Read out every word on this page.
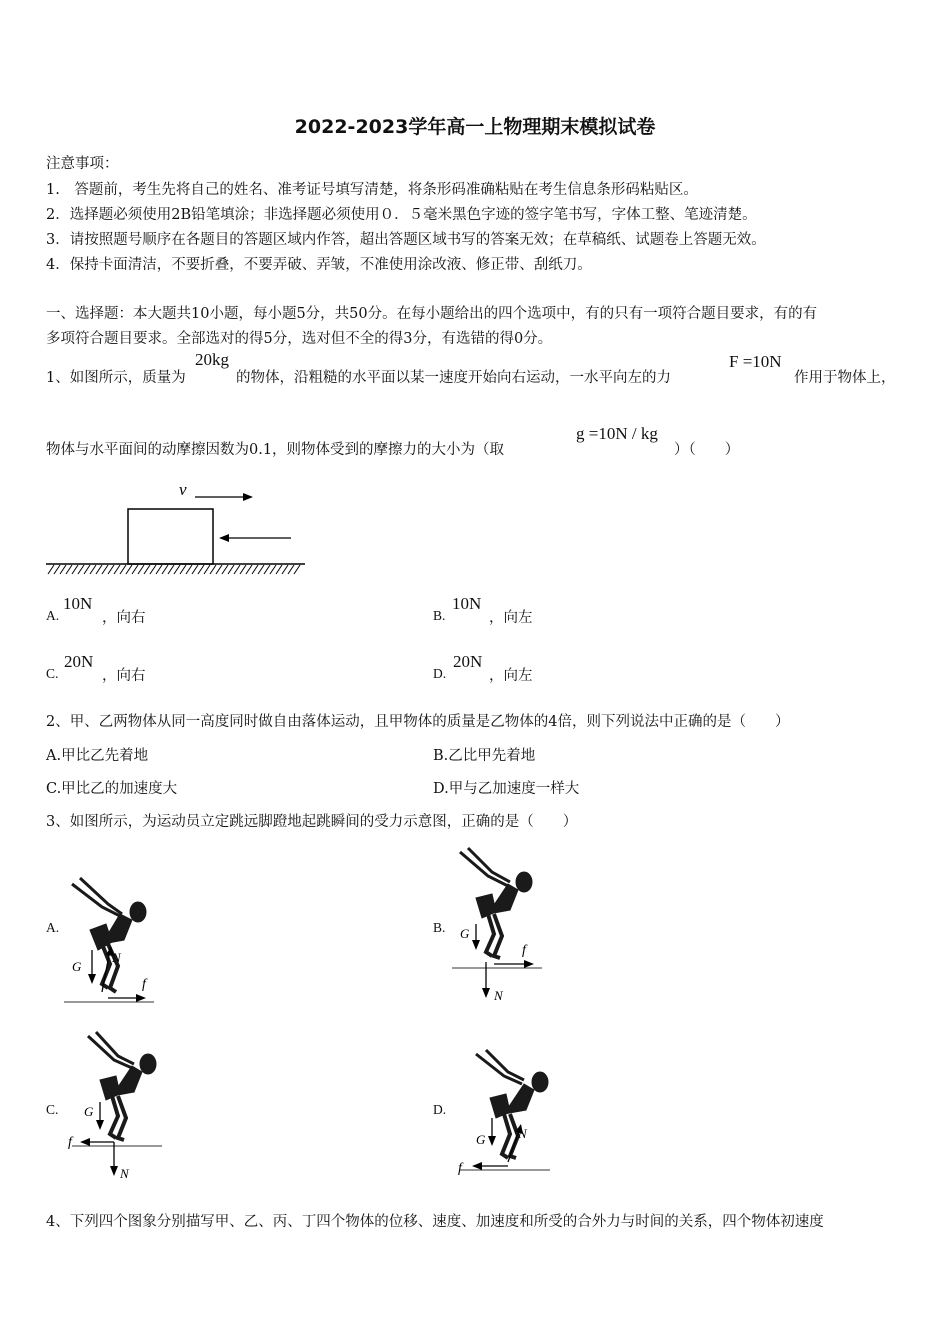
2022-2023学年高一上物理期末模拟试卷
注意事项：
1.　答题前，考生先将自己的姓名、准考证号填写清楚，将条形码准确粘贴在考生信息条形码粘贴区。
2．选择题必须使用2B铅笔填涂；非选择题必须使用０．５毫米黑色字迹的签字笔书写，字体工整、笔迹清楚。
3．请按照题号顺序在各题目的答题区域内作答，超出答题区域书写的答案无效；在草稿纸、试题卷上答题无效。
4．保持卡面清洁，不要折叠，不要弄破、弄皱，不准使用涂改液、修正带、刮纸刀。
一、选择题：本大题共10小题，每小题5分，共50分。在每小题给出的四个选项中，有的只有一项符合题目要求，有的有
多项符合题目要求。全部选对的得5分，选对但不全的得3分，有选错的得0分。
1、如图所示，质量为
20kg
的物体，沿粗糙的水平面以某一速度开始向右运动，一水平向左的力
F =10N
作用于物体上，
物体与水平面间的动摩擦因数为0.1，则物体受到的摩擦力的大小为（取
g =10N / kg
）（　　）
v
A.
10N
，向右	B.
10N
，向左
C.
20N
，向右	D.
20N
，向左
2、甲、乙两物体从同一高度同时做自由落体运动，且甲物体的质量是乙物体的4倍，则下列说法中正确的是（　　）
A.甲比乙先着地	B.乙比甲先着地
C.甲比乙的加速度大	D.甲与乙加速度一样大
3、如图所示，为运动员立定跳远脚蹬地起跳瞬间的受力示意图，正确的是（　　）
A.
G
N
f
B. G
N
f
C. G
N
f
D.
G	N
f
4、下列四个图象分别描写甲、乙、丙、丁四个物体的位移、速度、加速度和所受的合外力与时间的关系，四个物体初速度
